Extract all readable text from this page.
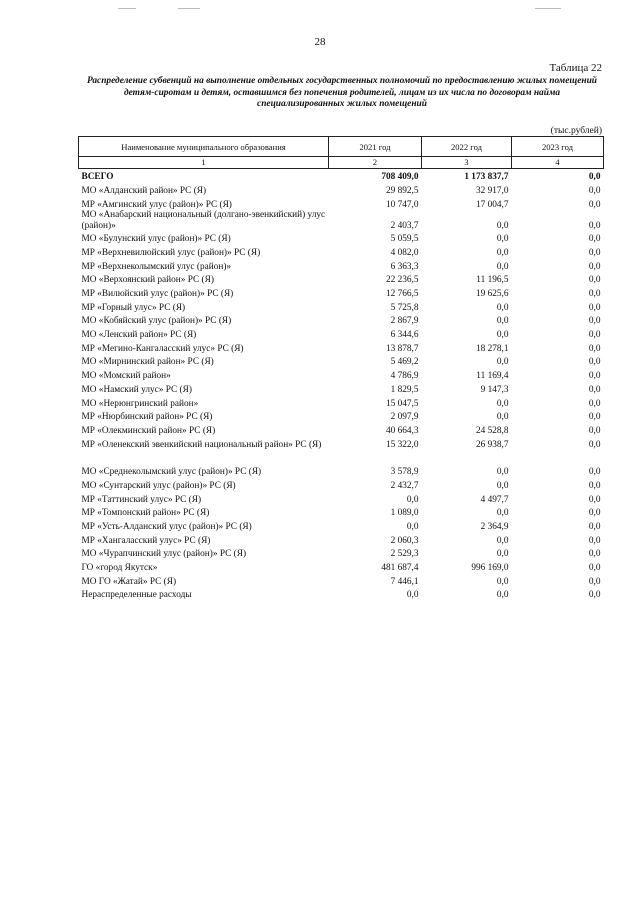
28
Таблица 22
Распределение субвенций на выполнение отдельных государственных полномочий по предоставлению жилых помещений детям-сиротам и детям, оставшимся без попечения родителей, лицам из их числа по договорам найма специализированных жилых помещений
(тыс.рублей)
Наименование муниципального образования	2021 год	2022 год	2023 год
1	2	3	4
ВСЕГО	708 409,0	1 173 837,7	0,0
МО «Алданский район» РС (Я)	29 892,5	32 917,0	0,0
МР «Амгинский улус (район)» РС (Я)	10 747,0	17 004,7	0,0
МО «Анабарский национальный (долгано-эвенкийский) улус (район)»	2 403,7	0,0	0,0
МО «Булунский улус (район)» РС (Я)	5 059,5	0,0	0,0
МР «Верхневилюйский улус (район)» РС (Я)	4 082,0	0,0	0,0
МР «Верхнеколымский улус (район)»	6 363,3	0,0	0,0
МО «Верхоянский район» РС (Я)	22 236,5	11 196,5	0,0
МР «Вилюйский улус (район)» РС (Я)	12 766,5	19 625,6	0,0
МР «Горный улус» РС (Я)	5 725,8	0,0	0,0
МО «Кобяйский улус (район)» РС (Я)	2 867,9	0,0	0,0
МО «Ленский район» РС (Я)	6 344,6	0,0	0,0
МР «Мегино-Кангаласский улус» РС (Я)	13 878,7	18 278,1	0,0
МО «Мирнинский район» РС (Я)	5 469,2	0,0	0,0
МО «Момский район»	4 786,9	11 169,4	0,0
МО «Намский улус» РС (Я)	1 829,5	9 147,3	0,0
МО «Нерюнгринский район»	15 047,5	0,0	0,0
МР «Нюрбинский район» РС (Я)	2 097,9	0,0	0,0
МР «Олекминский район» РС (Я)	40 664,3	24 528,8	0,0
МР «Оленекский эвенкийский национальный район» РС (Я)	15 322,0	26 938,7	0,0

МО «Среднеколымский улус (район)» РС (Я)	3 578,9	0,0	0,0
МО «Сунтарский улус (район)» РС (Я)	2 432,7	0,0	0,0
МР «Таттинский улус» РС (Я)	0,0	4 497,7	0,0
МР «Томпонский район» РС (Я)	1 089,0	0,0	0,0
МР «Усть-Алданский улус (район)» РС (Я)	0,0	2 364,9	0,0
МР «Хангаласский улус» РС (Я)	2 060,3	0,0	0,0
МО «Чурапчинский улус (район)» РС (Я)	2 529,3	0,0	0,0
ГО «город Якутск»	481 687,4	996 169,0	0,0
МО ГО «Жатай» РС (Я)	7 446,1	0,0	0,0
Нераспределенные расходы	0,0	0,0	0,0
